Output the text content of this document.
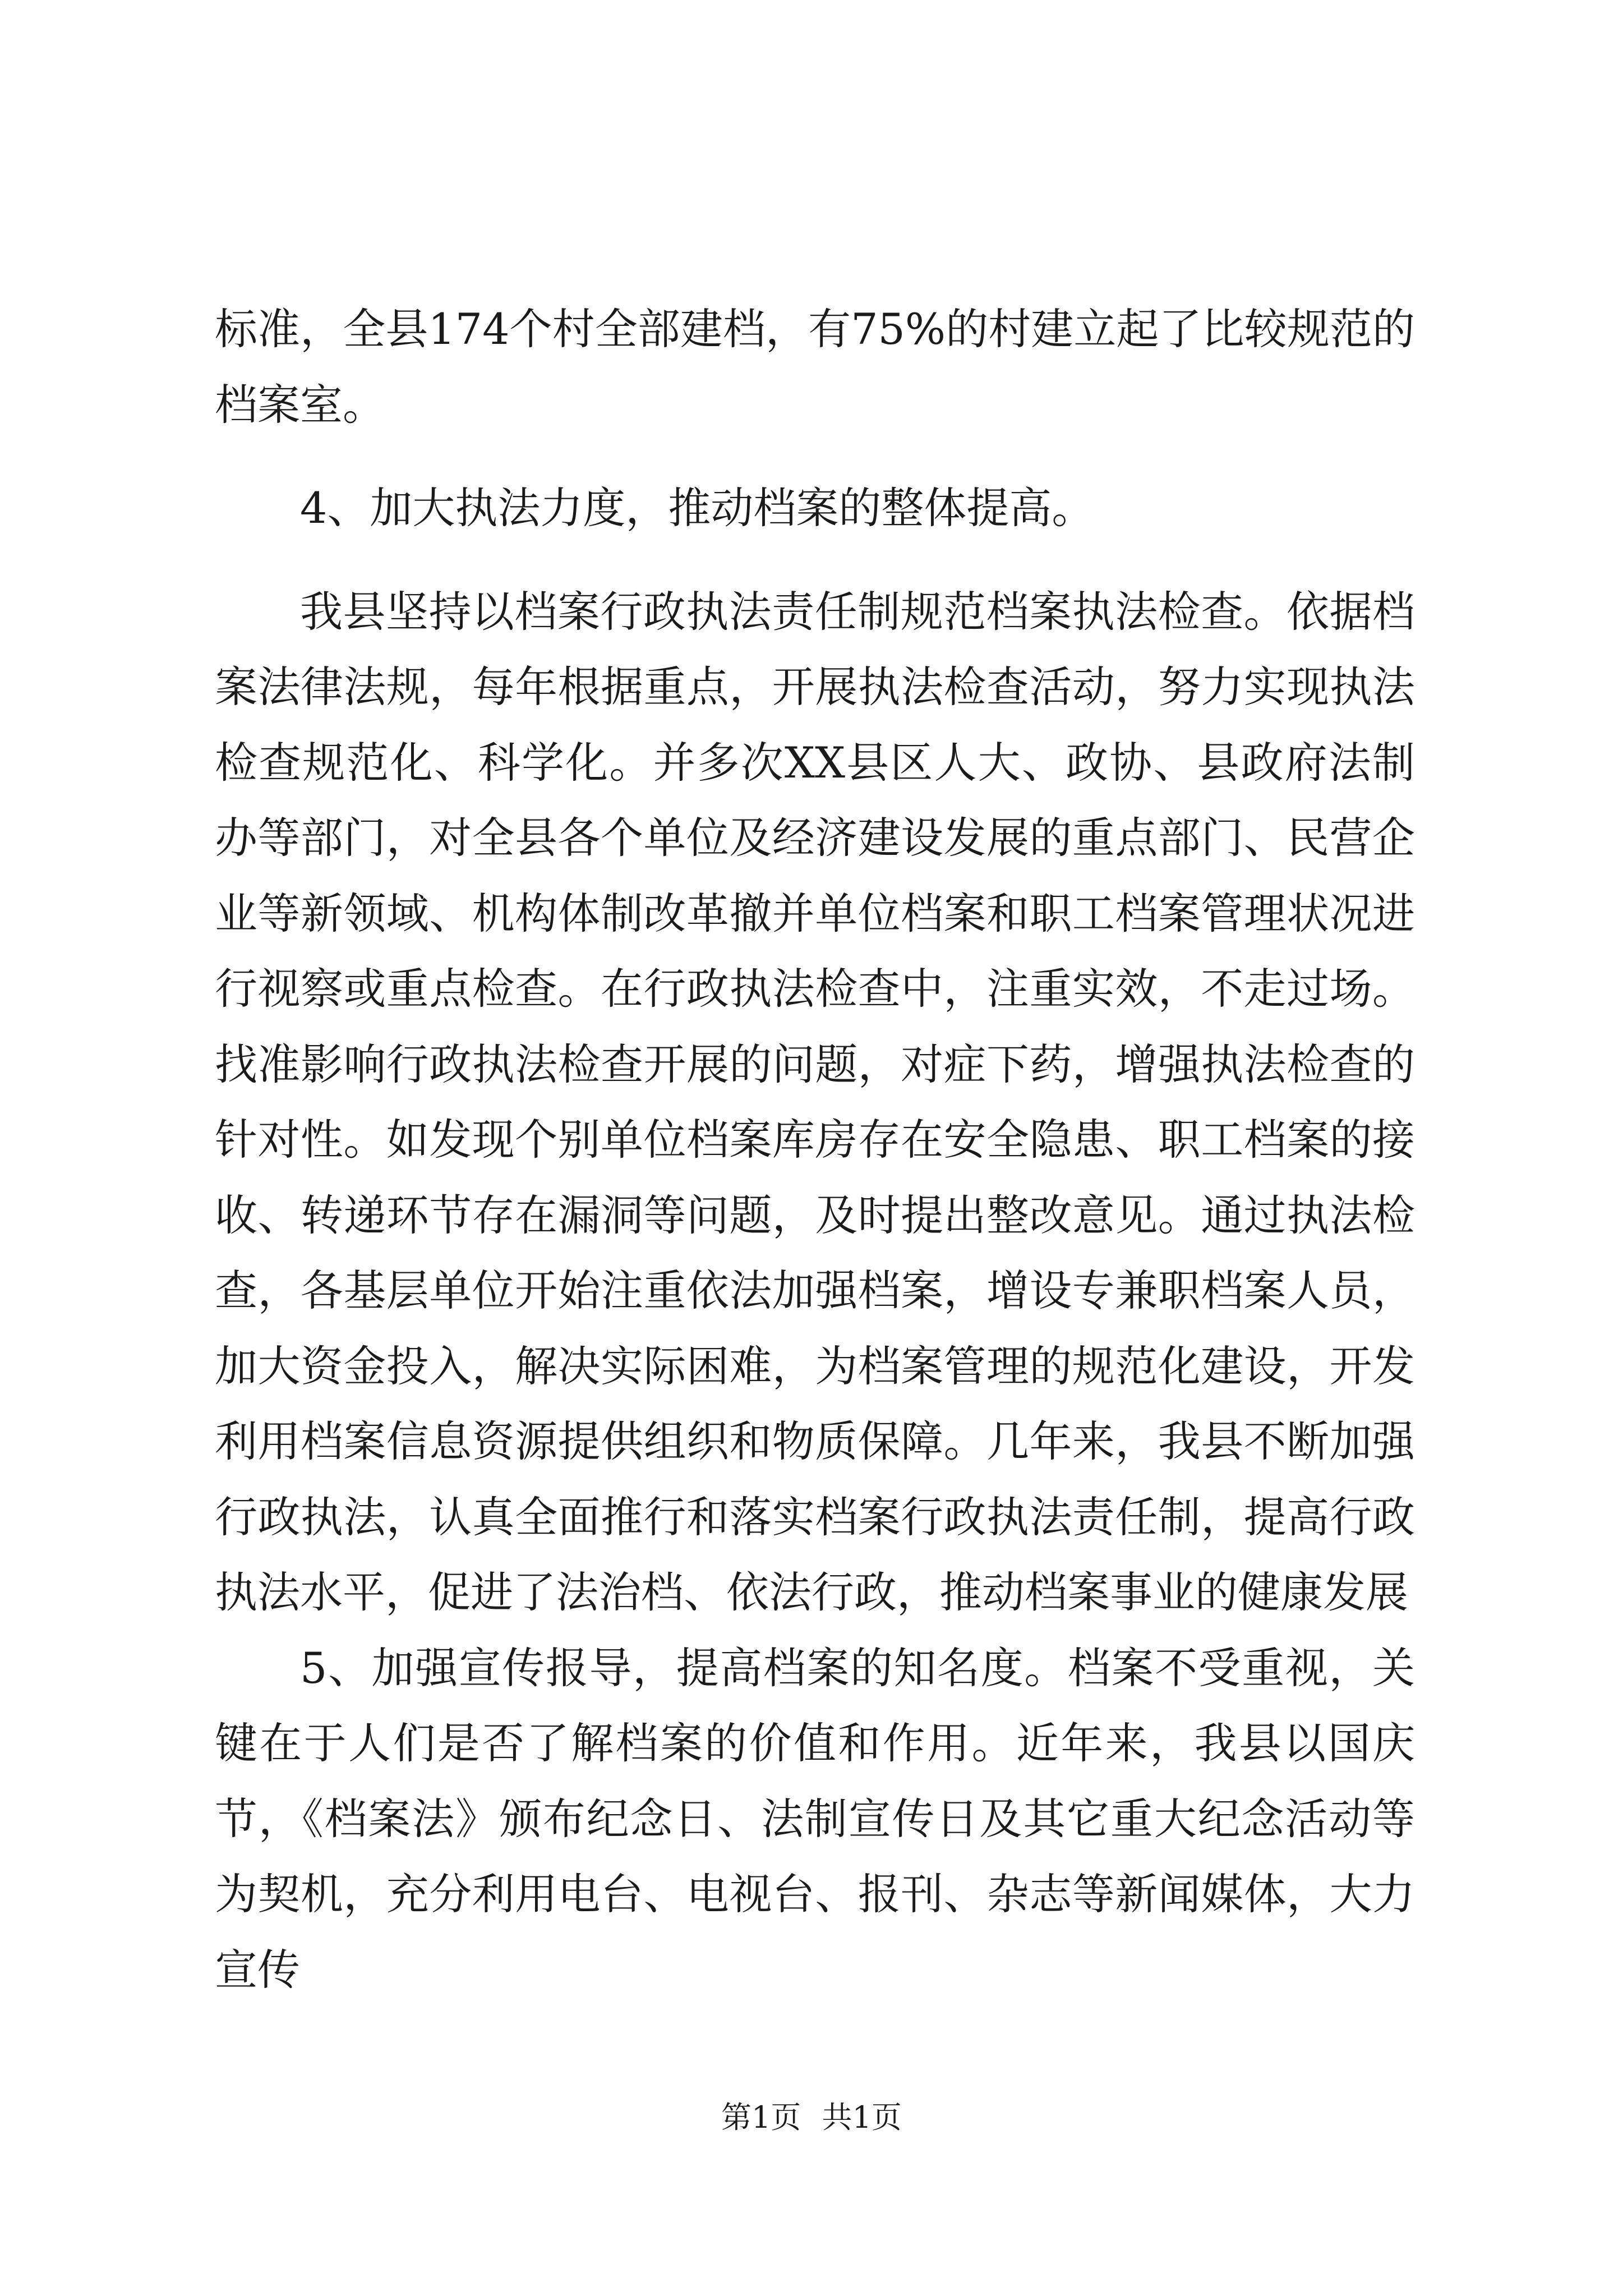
标准，全县174个村全部建档，有75%的村建立起了比较规范的档案室。

4、加大执法力度，推动档案的整体提高。

我县坚持以档案行政执法责任制规范档案执法检查。依据档案法律法规，每年根据重点，开展执法检查活动，努力实现执法检查规范化、科学化。并多次XX县区人大、政协、县政府法制办等部门，对全县各个单位及经济建设发展的重点部门、民营企业等新领域、机构体制改革撤并单位档案和职工档案管理状况进行视察或重点检查。在行政执法检查中，注重实效，不走过场。找准影响行政执法检查开展的问题，对症下药，增强执法检查的针对性。如发现个别单位档案库房存在安全隐患、职工档案的接收、转递环节存在漏洞等问题，及时提出整改意见。通过执法检查，各基层单位开始注重依法加强档案，增设专兼职档案人员，加大资金投入，解决实际困难，为档案管理的规范化建设，开发利用档案信息资源提供组织和物质保障。几年来，我县不断加强行政执法，认真全面推行和落实档案行政执法责任制，提高行政执法水平，促进了法治档、依法行政，推动档案事业的健康发展

5、加强宣传报导，提高档案的知名度。档案不受重视，关键在于人们是否了解档案的价值和作用。近年来，我县以国庆节，《档案法》颁布纪念日、法制宣传日及其它重大纪念活动等为契机，充分利用电台、电视台、报刊、杂志等新闻媒体，大力宣传

第1页 共1页
